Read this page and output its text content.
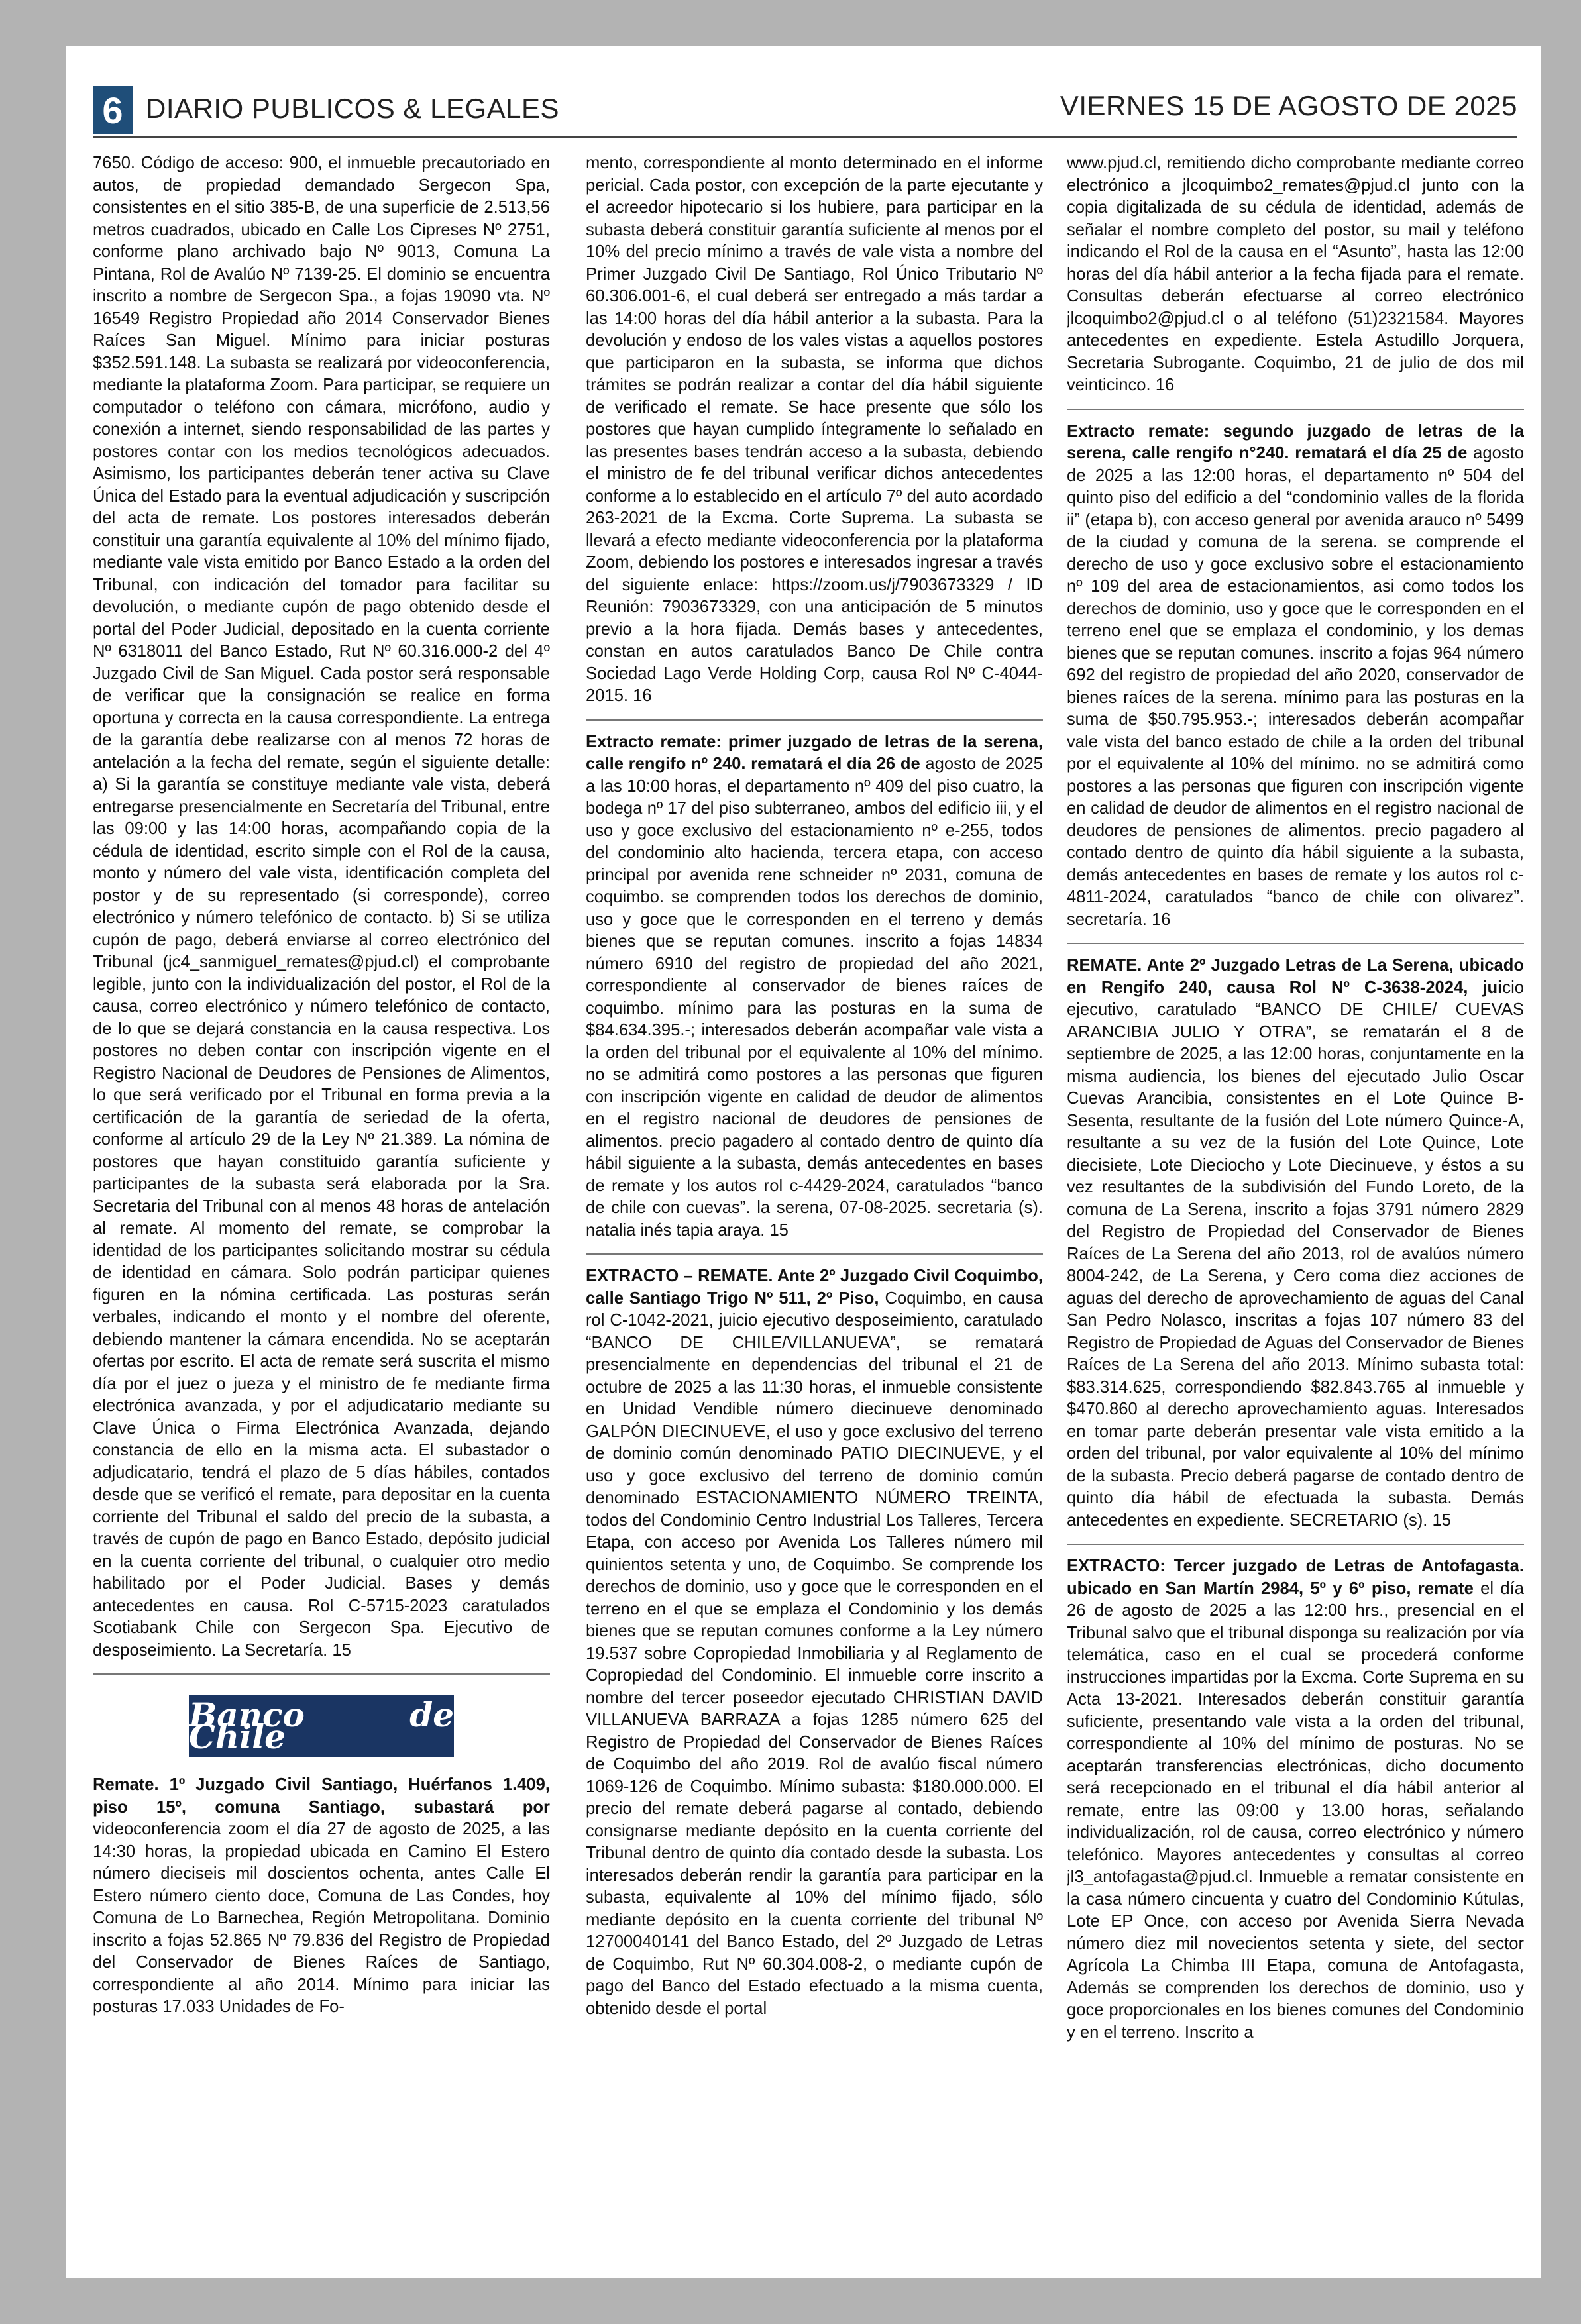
6 DIARIO PUBLICOS & LEGALES	VIERNES 15 DE AGOSTO DE 2025

7650. Código de acceso: 900, el inmueble precautoriado en autos, de propiedad demandado Sergecon Spa, consistentes en el sitio 385-B, de una superficie de 2.513,56 metros cuadrados, ubicado en Calle Los Cipreses Nº 2751, conforme plano archivado bajo Nº 9013, Comuna La Pintana, Rol de Avalúo Nº 7139-25. El dominio se encuentra inscrito a nombre de Sergecon Spa., a fojas 19090 vta. Nº 16549 Registro Propiedad año 2014 Conservador Bienes Raíces San Miguel. Mínimo para iniciar posturas $352.591.148. La subasta se realizará por videoconferencia, mediante la plataforma Zoom. Para participar, se requiere un computador o teléfono con cámara, micrófono, audio y conexión a internet, siendo responsabilidad de las partes y postores contar con los medios tecnológicos adecuados. Asimismo, los participantes deberán tener activa su Clave Única del Estado para la eventual adjudicación y suscripción del acta de remate. Los postores interesados deberán constituir una garantía equivalente al 10% del mínimo fijado, mediante vale vista emitido por Banco Estado a la orden del Tribunal, con indicación del tomador para facilitar su devolución, o mediante cupón de pago obtenido desde el portal del Poder Judicial, depositado en la cuenta corriente Nº 6318011 del Banco Estado, Rut Nº 60.316.000-2 del 4º Juzgado Civil de San Miguel. Cada postor será responsable de verificar que la consignación se realice en forma oportuna y correcta en la causa correspondiente. La entrega de la garantía debe realizarse con al menos 72 horas de antelación a la fecha del remate, según el siguiente detalle: a) Si la garantía se constituye mediante vale vista, deberá entregarse presencialmente en Secretaría del Tribunal, entre las 09:00 y las 14:00 horas, acompañando copia de la cédula de identidad, escrito simple con el Rol de la causa, monto y número del vale vista, identificación completa del postor y de su representado (si corresponde), correo electrónico y número telefónico de contacto. b) Si se utiliza cupón de pago, deberá enviarse al correo electrónico del Tribunal (jc4_sanmiguel_remates@pjud.cl) el comprobante legible, junto con la individualización del postor, el Rol de la causa, correo electrónico y número telefónico de contacto, de lo que se dejará constancia en la causa respectiva. Los postores no deben contar con inscripción vigente en el Registro Nacional de Deudores de Pensiones de Alimentos, lo que será verificado por el Tribunal en forma previa a la certificación de la garantía de seriedad de la oferta, conforme al artículo 29 de la Ley Nº 21.389. La nómina de postores que hayan constituido garantía suficiente y participantes de la subasta será elaborada por la Sra. Secretaria del Tribunal con al menos 48 horas de antelación al remate. Al momento del remate, se comprobar la identidad de los participantes solicitando mostrar su cédula de identidad en cámara. Solo podrán participar quienes figuren en la nómina certificada. Las posturas serán verbales, indicando el monto y el nombre del oferente, debiendo mantener la cámara encendida. No se aceptarán ofertas por escrito. El acta de remate será suscrita el mismo día por el juez o jueza y el ministro de fe mediante firma electrónica avanzada, y por el adjudicatario mediante su Clave Única o Firma Electrónica Avanzada, dejando constancia de ello en la misma acta. El subastador o adjudicatario, tendrá el plazo de 5 días hábiles, contados desde que se verificó el remate, para depositar en la cuenta corriente del Tribunal el saldo del precio de la subasta, a través de cupón de pago en Banco Estado, depósito judicial en la cuenta corriente del tribunal, o cualquier otro medio habilitado por el Poder Judicial. Bases y demás antecedentes en causa. Rol C-5715-2023 caratulados Scotiabank Chile con Sergecon Spa. Ejecutivo de desposeimiento. La Secretaría. 15

Banco de Chile

Remate. 1º Juzgado Civil Santiago, Huérfanos 1.409, piso 15º, comuna Santiago, subastará por videoconferencia zoom el día 27 de agosto de 2025, a las 14:30 horas, la propiedad ubicada en Camino El Estero número dieciseis mil doscientos ochenta, antes Calle El Estero número ciento doce, Comuna de Las Condes, hoy Comuna de Lo Barnechea, Región Metropolitana. Dominio inscrito a fojas 52.865 Nº 79.836 del Registro de Propiedad del Conservador de Bienes Raíces de Santiago, correspondiente al año 2014. Mínimo para iniciar las posturas 17.033 Unidades de Fo-

mento, correspondiente al monto determinado en el informe pericial. Cada postor, con excepción de la parte ejecutante y el acreedor hipotecario si los hubiere, para participar en la subasta deberá constituir garantía suficiente al menos por el 10% del precio mínimo a través de vale vista a nombre del Primer Juzgado Civil De Santiago, Rol Único Tributario Nº 60.306.001-6, el cual deberá ser entregado a más tardar a las 14:00 horas del día hábil anterior a la subasta. Para la devolución y endoso de los vales vistas a aquellos postores que participaron en la subasta, se informa que dichos trámites se podrán realizar a contar del día hábil siguiente de verificado el remate. Se hace presente que sólo los postores que hayan cumplido íntegramente lo señalado en las presentes bases tendrán acceso a la subasta, debiendo el ministro de fe del tribunal verificar dichos antecedentes conforme a lo establecido en el artículo 7º del auto acordado 263-2021 de la Excma. Corte Suprema. La subasta se llevará a efecto mediante videoconferencia por la plataforma Zoom, debiendo los postores e interesados ingresar a través del siguiente enlace: https://zoom.us/j/7903673329 / ID Reunión: 7903673329, con una anticipación de 5 minutos previo a la hora fijada. Demás bases y antecedentes, constan en autos caratulados Banco De Chile contra Sociedad Lago Verde Holding Corp, causa Rol Nº C-4044-2015. 16

Extracto remate: primer juzgado de letras de la serena, calle rengifo nº 240. rematará el día 26 de agosto de 2025 a las 10:00 horas, el departamento nº 409 del piso cuatro, la bodega nº 17 del piso subterraneo, ambos del edificio iii, y el uso y goce exclusivo del estacionamiento nº e-255, todos del condominio alto hacienda, tercera etapa, con acceso principal por avenida rene schneider nº 2031, comuna de coquimbo. se comprenden todos los derechos de dominio, uso y goce que le corresponden en el terreno y demás bienes que se reputan comunes. inscrito a fojas 14834 número 6910 del registro de propiedad del año 2021, correspondiente al conservador de bienes raíces de coquimbo. mínimo para las posturas en la suma de $84.634.395.-; interesados deberán acompañar vale vista a la orden del tribunal por el equivalente al 10% del mínimo. no se admitirá como postores a las personas que figuren con inscripción vigente en calidad de deudor de alimentos en el registro nacional de deudores de pensiones de alimentos. precio pagadero al contado dentro de quinto día hábil siguiente a la subasta, demás antecedentes en bases de remate y los autos rol c-4429-2024, caratulados “banco de chile con cuevas”. la serena, 07-08-2025. secretaria (s). natalia inés tapia araya. 15

EXTRACTO – REMATE. Ante 2º Juzgado Civil Coquimbo, calle Santiago Trigo Nº 511, 2º Piso, Coquimbo, en causa rol C-1042-2021, juicio ejecutivo desposeimiento, caratulado “BANCO DE CHILE/VILLANUEVA”, se rematará presencialmente en dependencias del tribunal el 21 de octubre de 2025 a las 11:30 horas, el inmueble consistente en Unidad Vendible número diecinueve denominado GALPÓN DIECINUEVE, el uso y goce exclusivo del terreno de dominio común denominado PATIO DIECINUEVE, y el uso y goce exclusivo del terreno de dominio común denominado ESTACIONAMIENTO NÚMERO TREINTA, todos del Condominio Centro Industrial Los Talleres, Tercera Etapa, con acceso por Avenida Los Talleres número mil quinientos setenta y uno, de Coquimbo. Se comprende los derechos de dominio, uso y goce que le corresponden en el terreno en el que se emplaza el Condominio y los demás bienes que se reputan comunes conforme a la Ley número 19.537 sobre Copropiedad Inmobiliaria y al Reglamento de Copropiedad del Condominio. El inmueble corre inscrito a nombre del tercer poseedor ejecutado CHRISTIAN DAVID VILLANUEVA BARRAZA a fojas 1285 número 625 del Registro de Propiedad del Conservador de Bienes Raíces de Coquimbo del año 2019. Rol de avalúo fiscal número 1069-126 de Coquimbo. Mínimo subasta: $180.000.000. El precio del remate deberá pagarse al contado, debiendo consignarse mediante depósito en la cuenta corriente del Tribunal dentro de quinto día contado desde la subasta. Los interesados deberán rendir la garantía para participar en la subasta, equivalente al 10% del mínimo fijado, sólo mediante depósito en la cuenta corriente del tribunal Nº 12700040141 del Banco Estado, del 2º Juzgado de Letras de Coquimbo, Rut Nº 60.304.008-2, o mediante cupón de pago del Banco del Estado efectuado a la misma cuenta, obtenido desde el portal

www.pjud.cl, remitiendo dicho comprobante mediante correo electrónico a jlcoquimbo2_remates@pjud.cl junto con la copia digitalizada de su cédula de identidad, además de señalar el nombre completo del postor, su mail y teléfono indicando el Rol de la causa en el “Asunto”, hasta las 12:00 horas del día hábil anterior a la fecha fijada para el remate. Consultas deberán efectuarse al correo electrónico jlcoquimbo2@pjud.cl o al teléfono (51)2321584. Mayores antecedentes en expediente. Estela Astudillo Jorquera, Secretaria Subrogante. Coquimbo, 21 de julio de dos mil veinticinco. 16

Extracto remate: segundo juzgado de letras de la serena, calle rengifo n°240. rematará el día 25 de agosto de 2025 a las 12:00 horas, el departamento nº 504 del quinto piso del edificio a del “condominio valles de la florida ii” (etapa b), con acceso general por avenida arauco nº 5499 de la ciudad y comuna de la serena. se comprende el derecho de uso y goce exclusivo sobre el estacionamiento nº 109 del area de estacionamientos, asi como todos los derechos de dominio, uso y goce que le corresponden en el terreno enel que se emplaza el condominio, y los demas bienes que se reputan comunes. inscrito a fojas 964 número 692 del registro de propiedad del año 2020, conservador de bienes raíces de la serena. mínimo para las posturas en la suma de $50.795.953.-; interesados deberán acompañar vale vista del banco estado de chile a la orden del tribunal por el equivalente al 10% del mínimo. no se admitirá como postores a las personas que figuren con inscripción vigente en calidad de deudor de alimentos en el registro nacional de deudores de pensiones de alimentos. precio pagadero al contado dentro de quinto día hábil siguiente a la subasta, demás antecedentes en bases de remate y los autos rol c-4811-2024, caratulados “banco de chile con olivarez”. secretaría. 16

REMATE. Ante 2º Juzgado Letras de La Serena, ubicado en Rengifo 240, causa Rol Nº C-3638-2024, juicio ejecutivo, caratulado “BANCO DE CHILE/ CUEVAS ARANCIBIA JULIO Y OTRA”, se rematarán el 8 de septiembre de 2025, a las 12:00 horas, conjuntamente en la misma audiencia, los bienes del ejecutado Julio Oscar Cuevas Arancibia, consistentes en el Lote Quince B-Sesenta, resultante de la fusión del Lote número Quince-A, resultante a su vez de la fusión del Lote Quince, Lote diecisiete, Lote Dieciocho y Lote Diecinueve, y éstos a su vez resultantes de la subdivisión del Fundo Loreto, de la comuna de La Serena, inscrito a fojas 3791 número 2829 del Registro de Propiedad del Conservador de Bienes Raíces de La Serena del año 2013, rol de avalúos número 8004-242, de La Serena, y Cero coma diez acciones de aguas del derecho de aprovechamiento de aguas del Canal San Pedro Nolasco, inscritas a fojas 107 número 83 del Registro de Propiedad de Aguas del Conservador de Bienes Raíces de La Serena del año 2013. Mínimo subasta total: $83.314.625, correspondiendo $82.843.765 al inmueble y $470.860 al derecho aprovechamiento aguas. Interesados en tomar parte deberán presentar vale vista emitido a la orden del tribunal, por valor equivalente al 10% del mínimo de la subasta. Precio deberá pagarse de contado dentro de quinto día hábil de efectuada la subasta. Demás antecedentes en expediente. SECRETARIO (s). 15

EXTRACTO: Tercer juzgado de Letras de Antofagasta. ubicado en San Martín 2984, 5º y 6º piso, remate el día 26 de agosto de 2025 a las 12:00 hrs., presencial en el Tribunal salvo que el tribunal disponga su realización por vía telemática, caso en el cual se procederá conforme instrucciones impartidas por la Excma. Corte Suprema en su Acta 13-2021. Interesados deberán constituir garantía suficiente, presentando vale vista a la orden del tribunal, correspondiente al 10% del mínimo de posturas. No se aceptarán transferencias electrónicas, dicho documento será recepcionado en el tribunal el día hábil anterior al remate, entre las 09:00 y 13.00 horas, señalando individualización, rol de causa, correo electrónico y número telefónico. Mayores antecedentes y consultas al correo jl3_antofagasta@pjud.cl. Inmueble a rematar consistente en la casa número cincuenta y cuatro del Condominio Kútulas, Lote EP Once, con acceso por Avenida Sierra Nevada número diez mil novecientos setenta y siete, del sector Agrícola La Chimba III Etapa, comuna de Antofagasta, Además se comprenden los derechos de dominio, uso y goce proporcionales en los bienes comunes del Condominio y en el terreno. Inscrito a
